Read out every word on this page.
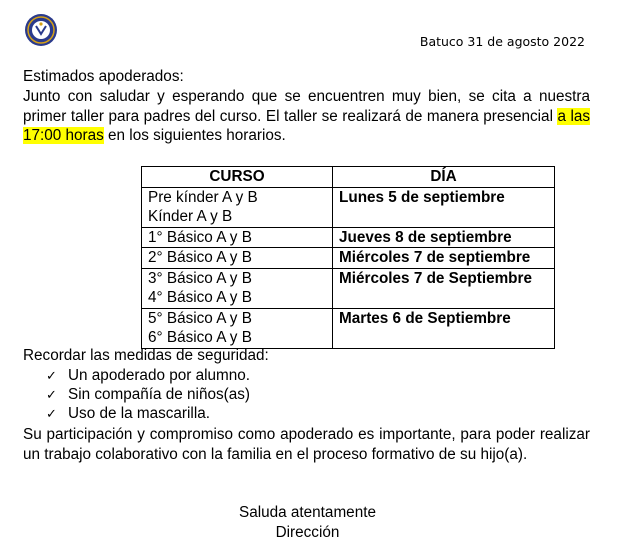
Batuco 31 de agosto 2022
Estimados apoderados:
Junto con saludar y esperando que se encuentren muy bien, se cita a nuestra primer taller para padres del curso. El taller se realizará de manera presencial a las 17:00 horas en los siguientes horarios.
CURSO	DÍA

Pre kínder A y B
Kínder A y B	Lunes 5 de septiembre

1° Básico A y B	Jueves 8 de septiembre

2° Básico A y B	Miércoles 7 de septiembre

3° Básico A y B
4° Básico A y B	Miércoles 7 de Septiembre

5° Básico A y B
6° Básico A y B	Martes 6 de Septiembre
Recordar las medidas de seguridad:
✓ Un apoderado por alumno.
✓ Sin compañía de niños(as)
✓ Uso de la mascarilla.
Su participación y compromiso como apoderado es importante, para poder realizar un trabajo colaborativo con la familia en el proceso formativo de su hijo(a).
Saluda atentamente
Dirección
